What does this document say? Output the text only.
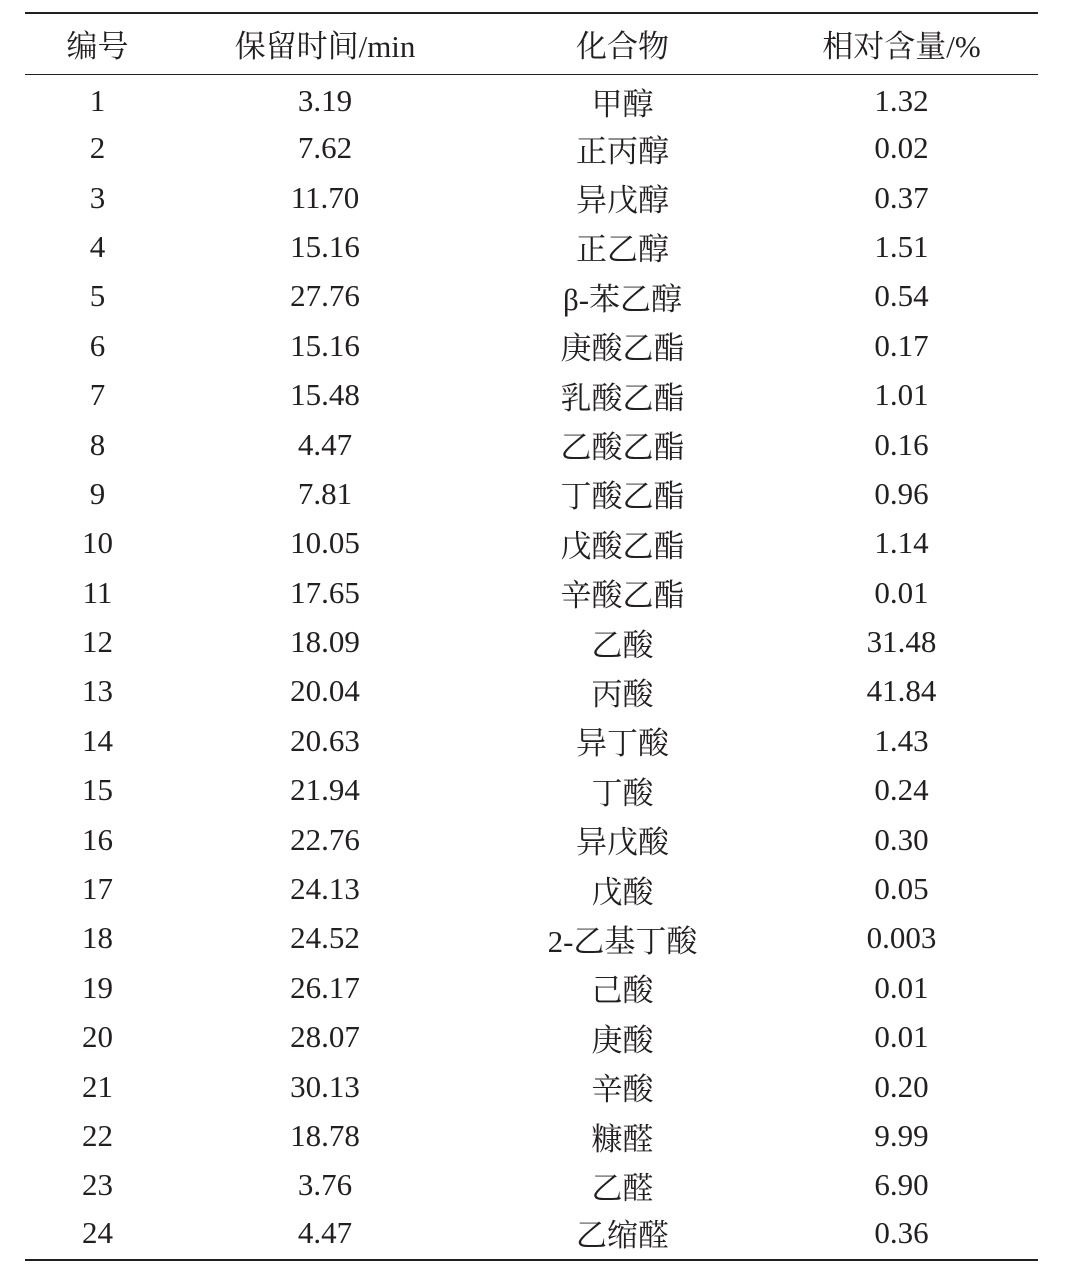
编号	保留时间/min	化合物	相对含量/%
1	3.19	甲醇	1.32
2	7.62	正丙醇	0.02
3	11.70	异戊醇	0.37
4	15.16	正乙醇	1.51
5	27.76	β-苯乙醇	0.54
6	15.16	庚酸乙酯	0.17
7	15.48	乳酸乙酯	1.01
8	4.47	乙酸乙酯	0.16
9	7.81	丁酸乙酯	0.96
10	10.05	戊酸乙酯	1.14
11	17.65	辛酸乙酯	0.01
12	18.09	乙酸	31.48
13	20.04	丙酸	41.84
14	20.63	异丁酸	1.43
15	21.94	丁酸	0.24
16	22.76	异戊酸	0.30
17	24.13	戊酸	0.05
18	24.52	2-乙基丁酸	0.003
19	26.17	己酸	0.01
20	28.07	庚酸	0.01
21	30.13	辛酸	0.20
22	18.78	糠醛	9.99
23	3.76	乙醛	6.90
24	4.47	乙缩醛	0.36
